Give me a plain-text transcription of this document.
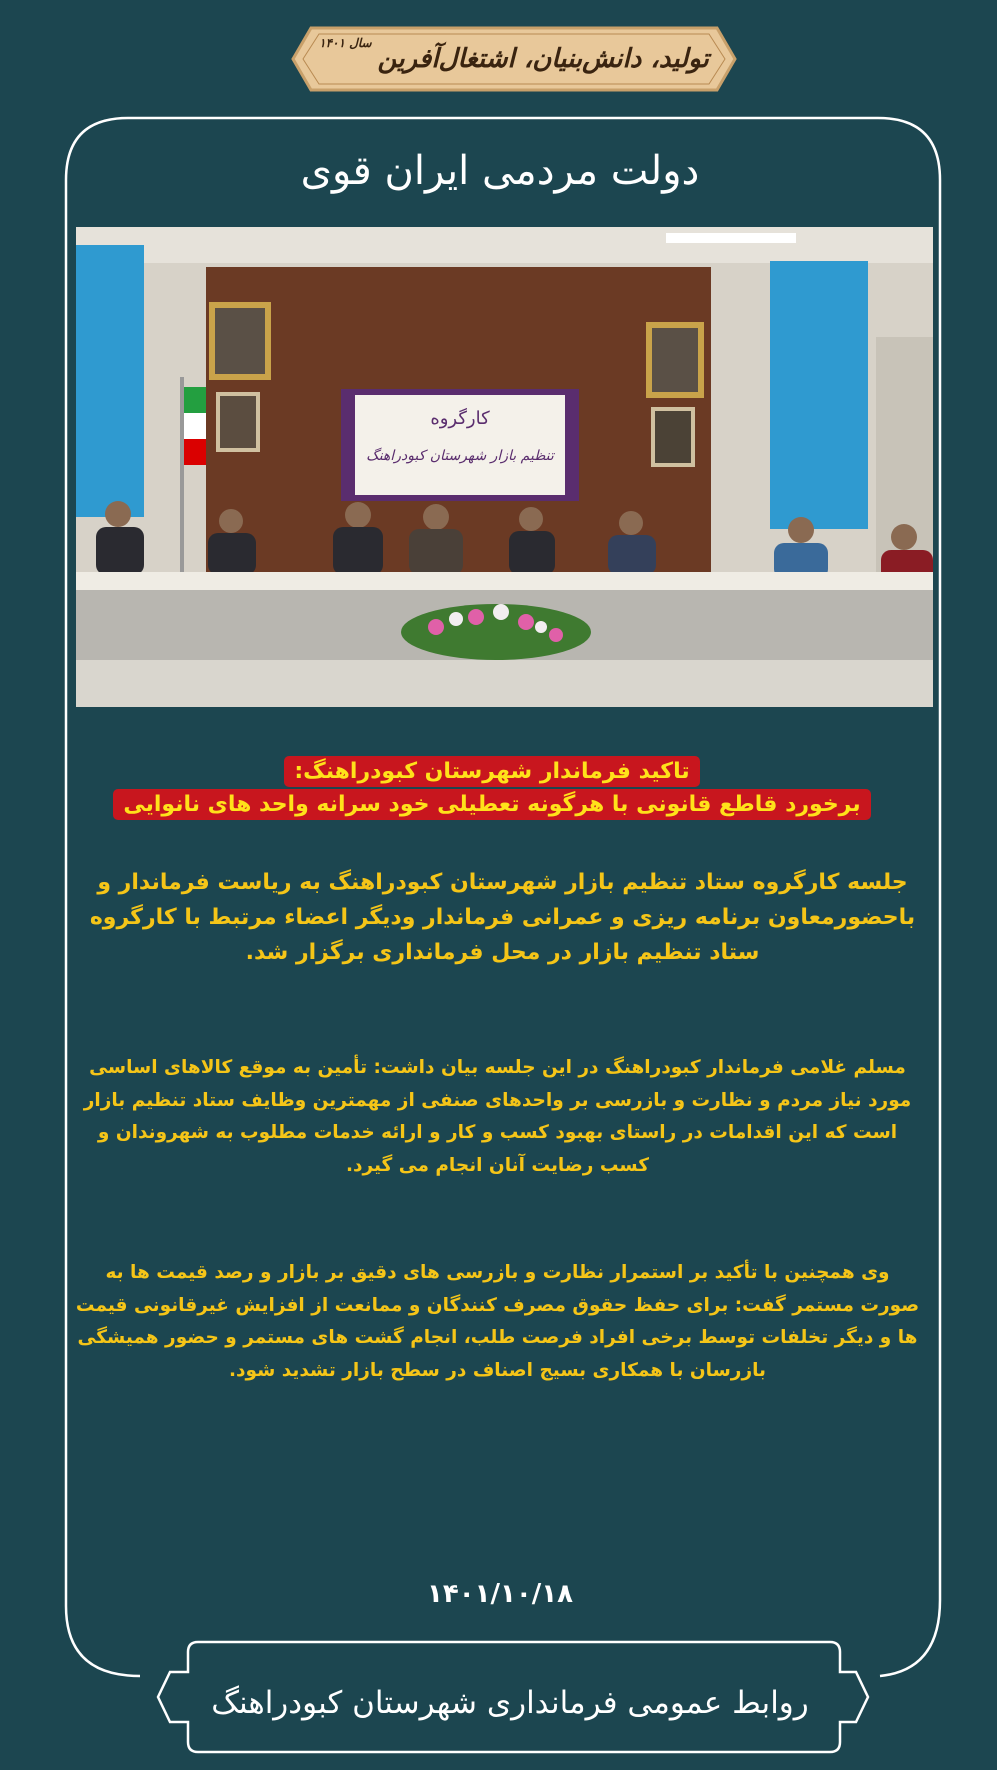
تولید، دانش‌بنیان، اشتغال‌آفرین
سال ۱۴۰۱
دولت مردمی ایران قوی
کارگروه
تنظیم بازار شهرستان کبودراهنگ
تاکید فرماندار شهرستان کبودراهنگ:
برخورد قاطع قانونی با هرگونه تعطیلی خود سرانه واحد های نانوایی
جلسه کارگروه ستاد تنظیم بازار شهرستان کبودراهنگ به ریاست فرماندار و باحضورمعاون برنامه ریزی و عمرانی فرماندار ودیگر اعضاء مرتبط با کارگروه ستاد تنظیم بازار در محل فرمانداری برگزار شد.
مسلم غلامی فرماندار کبودراهنگ در این جلسه بیان داشت: تأمین به موقع کالاهای اساسی مورد نیاز مردم و نظارت و بازرسی بر واحدهای صنفی از مهمترین وظایف ستاد تنظیم بازار است که این اقدامات در راستای بهبود کسب و کار و ارائه خدمات مطلوب به شهروندان و کسب رضایت آنان انجام می گیرد.
وی همچنین با تأکید بر استمرار نظارت و بازرسی های دقیق بر بازار و رصد قیمت ها به صورت مستمر گفت: برای حفظ حقوق مصرف کنندگان و ممانعت از افزایش غیرقانونی قیمت ها و دیگر تخلفات توسط برخی افراد فرصت طلب، انجام گشت های مستمر و حضور همیشگی بازرسان با همکاری بسیج اصناف در سطح بازار تشدید شود.
۱۴۰۱/۱۰/۱۸
روابط عمومی فرمانداری شهرستان کبودراهنگ
